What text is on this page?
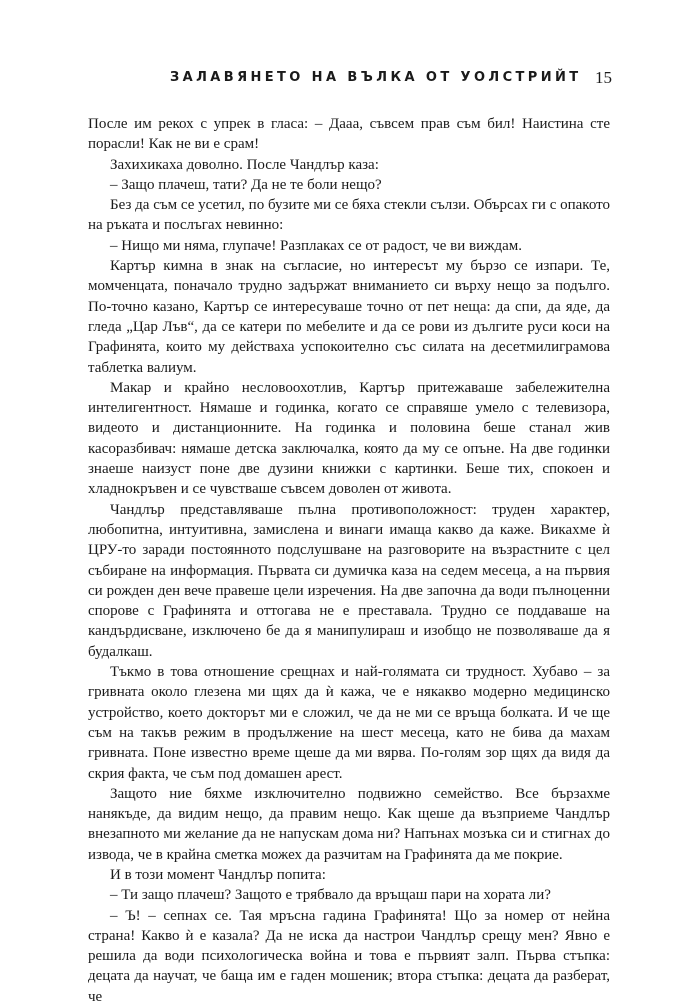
ЗАЛАВЯНЕТО НА ВЪЛКА ОТ УОЛСТРИЙТ 15

После им рекох с упрек в гласа: – Дааа, съвсем прав съм бил! Наистина сте порасли! Как не ви е срам!

Захихикаха доволно. После Чандлър каза:

– Защо плачеш, тати? Да не те боли нещо?

Без да съм се усетил, по бузите ми се бяха стекли сълзи. Обърсах ги с опакото на ръката и послъгах невинно:

– Нищо ми няма, глупаче! Разплаках се от радост, че ви виждам.

Картър кимна в знак на съгласие, но интересът му бързо се изпари. Те, момченцата, поначало трудно задържат вниманието си върху нещо за подълго. По-точно казано, Картър се интересуваше точно от пет неща: да спи, да яде, да гледа „Цар Лъв“, да се катери по мебелите и да се рови из дългите руси коси на Графинята, които му действаха успокоително със силата на десетмилиграмова таблетка валиум.

Макар и крайно несловоохотлив, Картър притежаваше забележителна интелигентност. Нямаше и годинка, когато се справяше умело с телевизора, видеото и дистанционните. На годинка и половина беше станал жив касоразбивач: нямаше детска заключалка, която да му се опъне. На две годинки знаеше наизуст поне две дузини книжки с картинки. Беше тих, спокоен и хладнокръвен и се чувстваше съвсем доволен от живота.

Чандлър представляваше пълна противоположност: труден характер, любопитна, интуитивна, замислена и винаги имаща какво да каже. Викахме ѝ ЦРУ-то заради постоянното подслушване на разговорите на възрастните с цел събиране на информация. Първата си думичка каза на седем месеца, а на първия си рожден ден вече правеше цели изречения. На две започна да води пълноценни спорове с Графинята и оттогава не е преставала. Трудно се поддаваше на кандърдисване, изключено бе да я манипулираш и изобщо не позволяваше да я будалкаш.

Тъкмо в това отношение срещнах и най-голямата си трудност. Хубаво – за гривната около глезена ми щях да ѝ кажа, че е някакво модерно медицинско устройство, което докторът ми е сложил, че да не ми се връща болката. И че ще съм на такъв режим в продължение на шест месеца, като не бива да махам гривната. Поне известно време щеше да ми вярва. По-голям зор щях да видя да скрия факта, че съм под домашен арест.

Защото ние бяхме изключително подвижно семейство. Все бързахме нанякъде, да видим нещо, да правим нещо. Как щеше да възприеме Чандлър внезапното ми желание да не напускам дома ни? Напънах мозъка си и стигнах до извода, че в крайна сметка можех да разчитам на Графинята да ме покрие.

И в този момент Чандлър попита:

– Ти защо плачеш? Защото е трябвало да връщаш пари на хората ли?

– Ъ! – сепнах се. Тая мръсна гадина Графинята! Що за номер от нейна страна! Какво ѝ е казала? Да не иска да настрои Чандлър срещу мен? Явно е решила да води психологическа война и това е първият залп. Първа стъпка: децата да научат, че баща им е гаден мошеник; втора стъпка: децата да разберат, че
